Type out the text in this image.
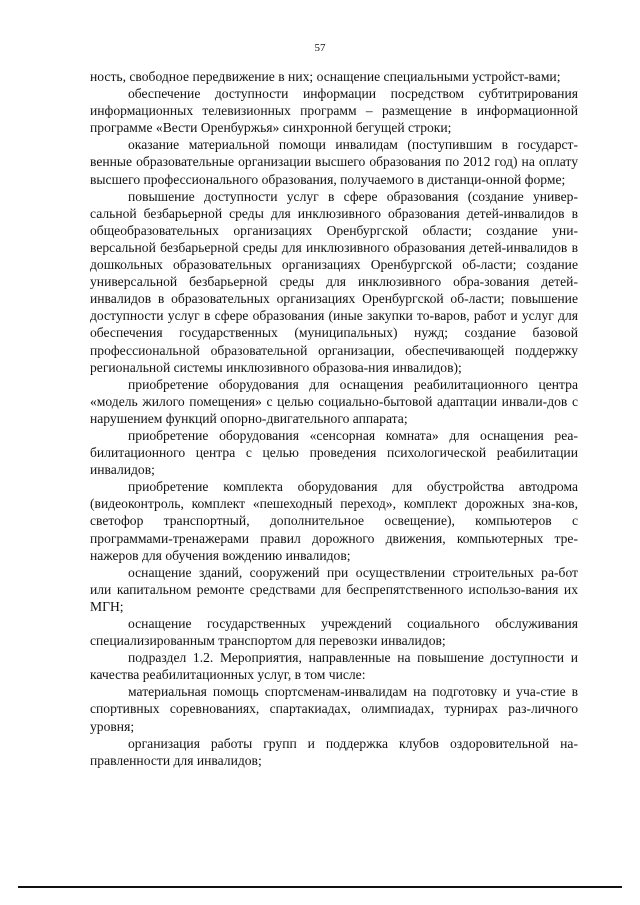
57

ность, свободное передвижение в них; оснащение специальными устройст-вами;

обеспечение доступности информации посредством субтитрирования информационных телевизионных программ – размещение в информационной программе «Вести Оренбуржья» синхронной бегущей строки;

оказание материальной помощи инвалидам (поступившим в государст-венные образовательные организации высшего образования по 2012 год) на оплату высшего профессионального образования, получаемого в дистанци-онной форме;

повышение доступности услуг в сфере образования (создание универ-сальной безбарьерной среды для инклюзивного образования детей-инвалидов в общеобразовательных организациях Оренбургской области; создание уни-версальной безбарьерной среды для инклюзивного образования детей-инвалидов в дошкольных образовательных организациях Оренбургской об-ласти; создание универсальной безбарьерной среды для инклюзивного обра-зования детей-инвалидов в образовательных организациях Оренбургской об-ласти; повышение доступности услуг в сфере образования (иные закупки то-варов, работ и услуг для обеспечения государственных (муниципальных) нужд; создание базовой профессиональной образовательной организации, обеспечивающей поддержку региональной системы инклюзивного образова-ния инвалидов);

приобретение оборудования для оснащения реабилитационного центра «модель жилого помещения» с целью социально-бытовой адаптации инвали-дов с нарушением функций опорно-двигательного аппарата;

приобретение оборудования «сенсорная комната» для оснащения реа-билитационного центра с целью проведения психологической реабилитации инвалидов;

приобретение комплекта оборудования для обустройства автодрома (видеоконтроль, комплект «пешеходный переход», комплект дорожных зна-ков, светофор транспортный, дополнительное освещение), компьютеров с программами-тренажерами правил дорожного движения, компьютерных тре-нажеров для обучения вождению инвалидов;

оснащение зданий, сооружений при осуществлении строительных ра-бот или капитальном ремонте средствами для беспрепятственного использо-вания их МГН;

оснащение государственных учреждений социального обслуживания специализированным транспортом для перевозки инвалидов;

подраздел 1.2. Мероприятия, направленные на повышение доступности и качества реабилитационных услуг, в том числе:

материальная помощь спортсменам-инвалидам на подготовку и уча-стие в спортивных соревнованиях, спартакиадах, олимпиадах, турнирах раз-личного уровня;

организация работы групп и поддержка клубов оздоровительной на-правленности для инвалидов;
